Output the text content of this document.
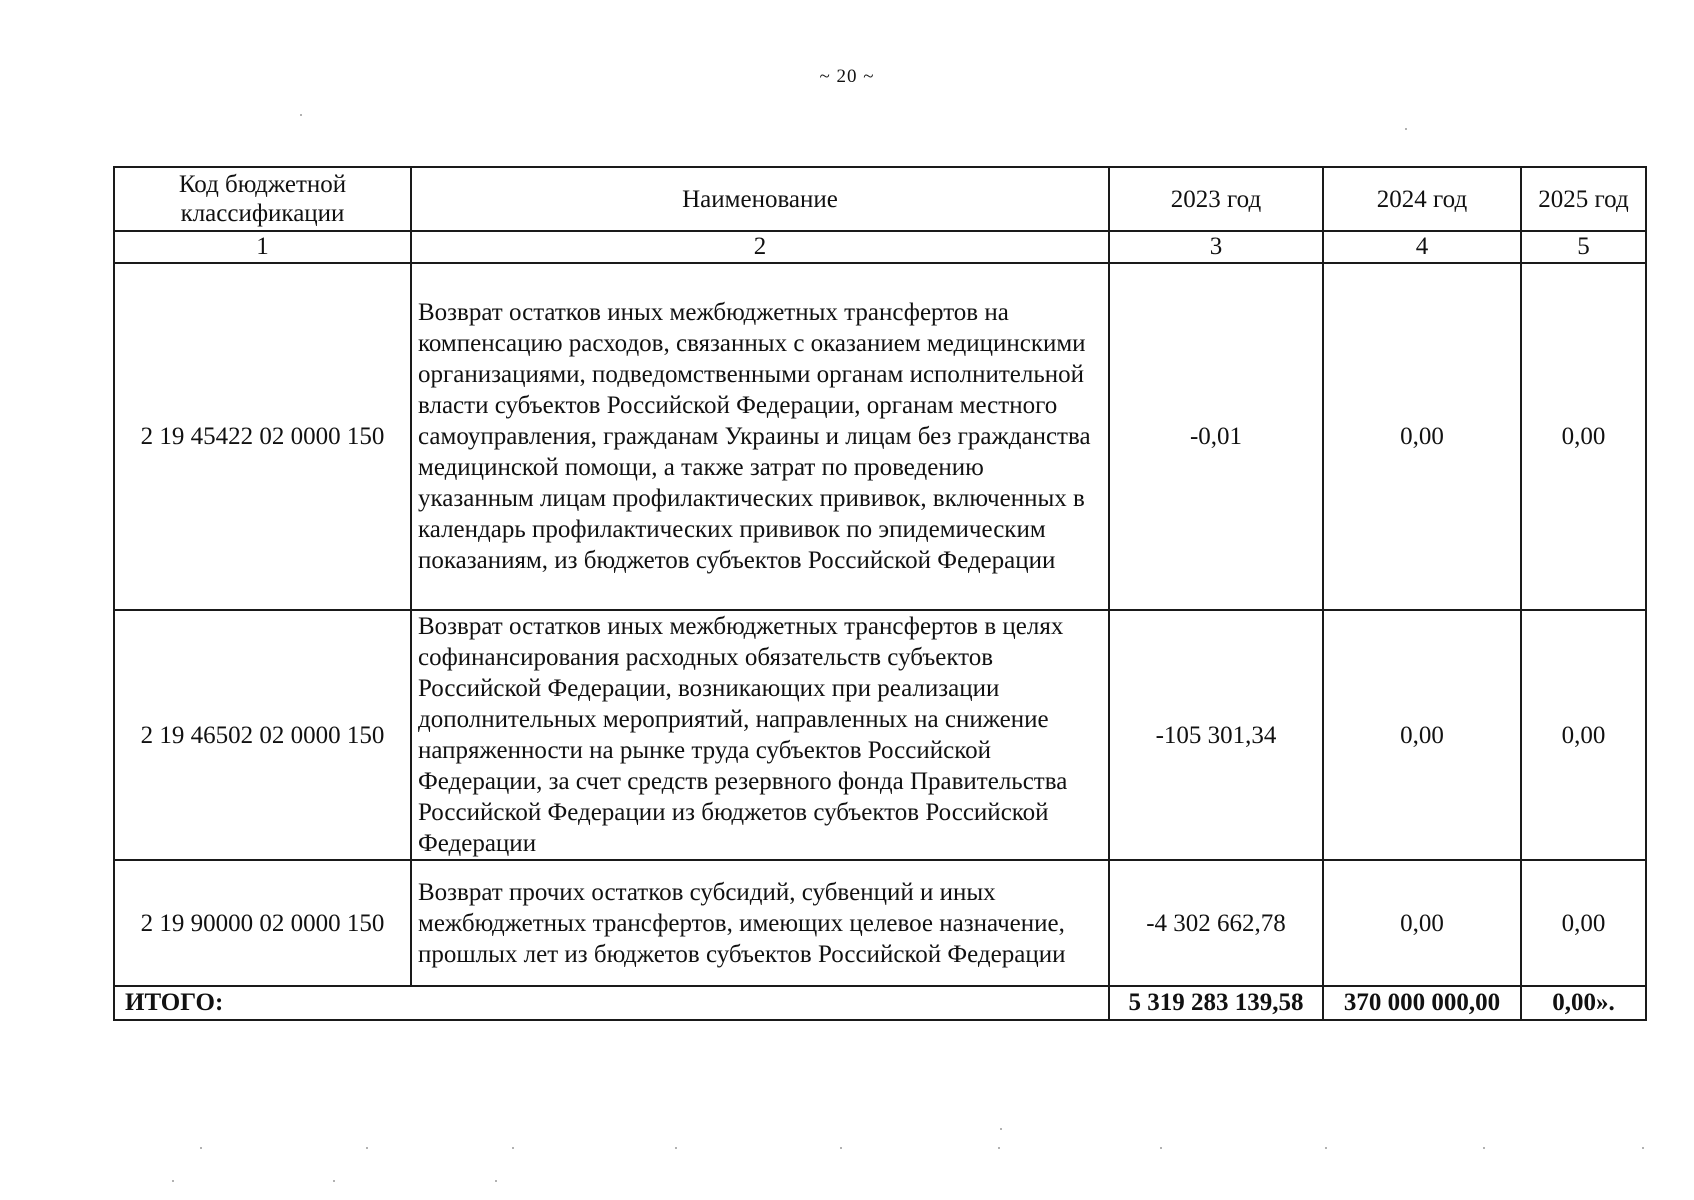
~ 20 ~
Код бюджетной классификации	Наименование	2023 год	2024 год	2025 год
1	2	3	4	5
2 19 45422 02 0000 150	Возврат остатков иных межбюджетных трансфертов на компенсацию расходов, связанных с оказанием медицинскими организациями, подведомственными органам исполнительной власти субъектов Российской Федерации, органам местного самоуправления, гражданам Украины и лицам без гражданства медицинской помощи, а также затрат по проведению указанным лицам профилактических прививок, включенных в календарь профилактических прививок по эпидемическим показаниям, из бюджетов субъектов Российской Федерации	-0,01	0,00	0,00
2 19 46502 02 0000 150	Возврат остатков иных межбюджетных трансфертов в целях софинансирования расходных обязательств субъектов Российской Федерации, возникающих при реализации дополнительных мероприятий, направленных на снижение напряженности на рынке труда субъектов Российской Федерации, за счет средств резервного фонда Правительства Российской Федерации из бюджетов субъектов Российской Федерации	-105 301,34	0,00	0,00
2 19 90000 02 0000 150	Возврат прочих остатков субсидий, субвенций и иных межбюджетных трансфертов, имеющих целевое назначение, прошлых лет из бюджетов субъектов Российской Федерации	-4 302 662,78	0,00	0,00
ИТОГО:		5 319 283 139,58	370 000 000,00	0,00».
